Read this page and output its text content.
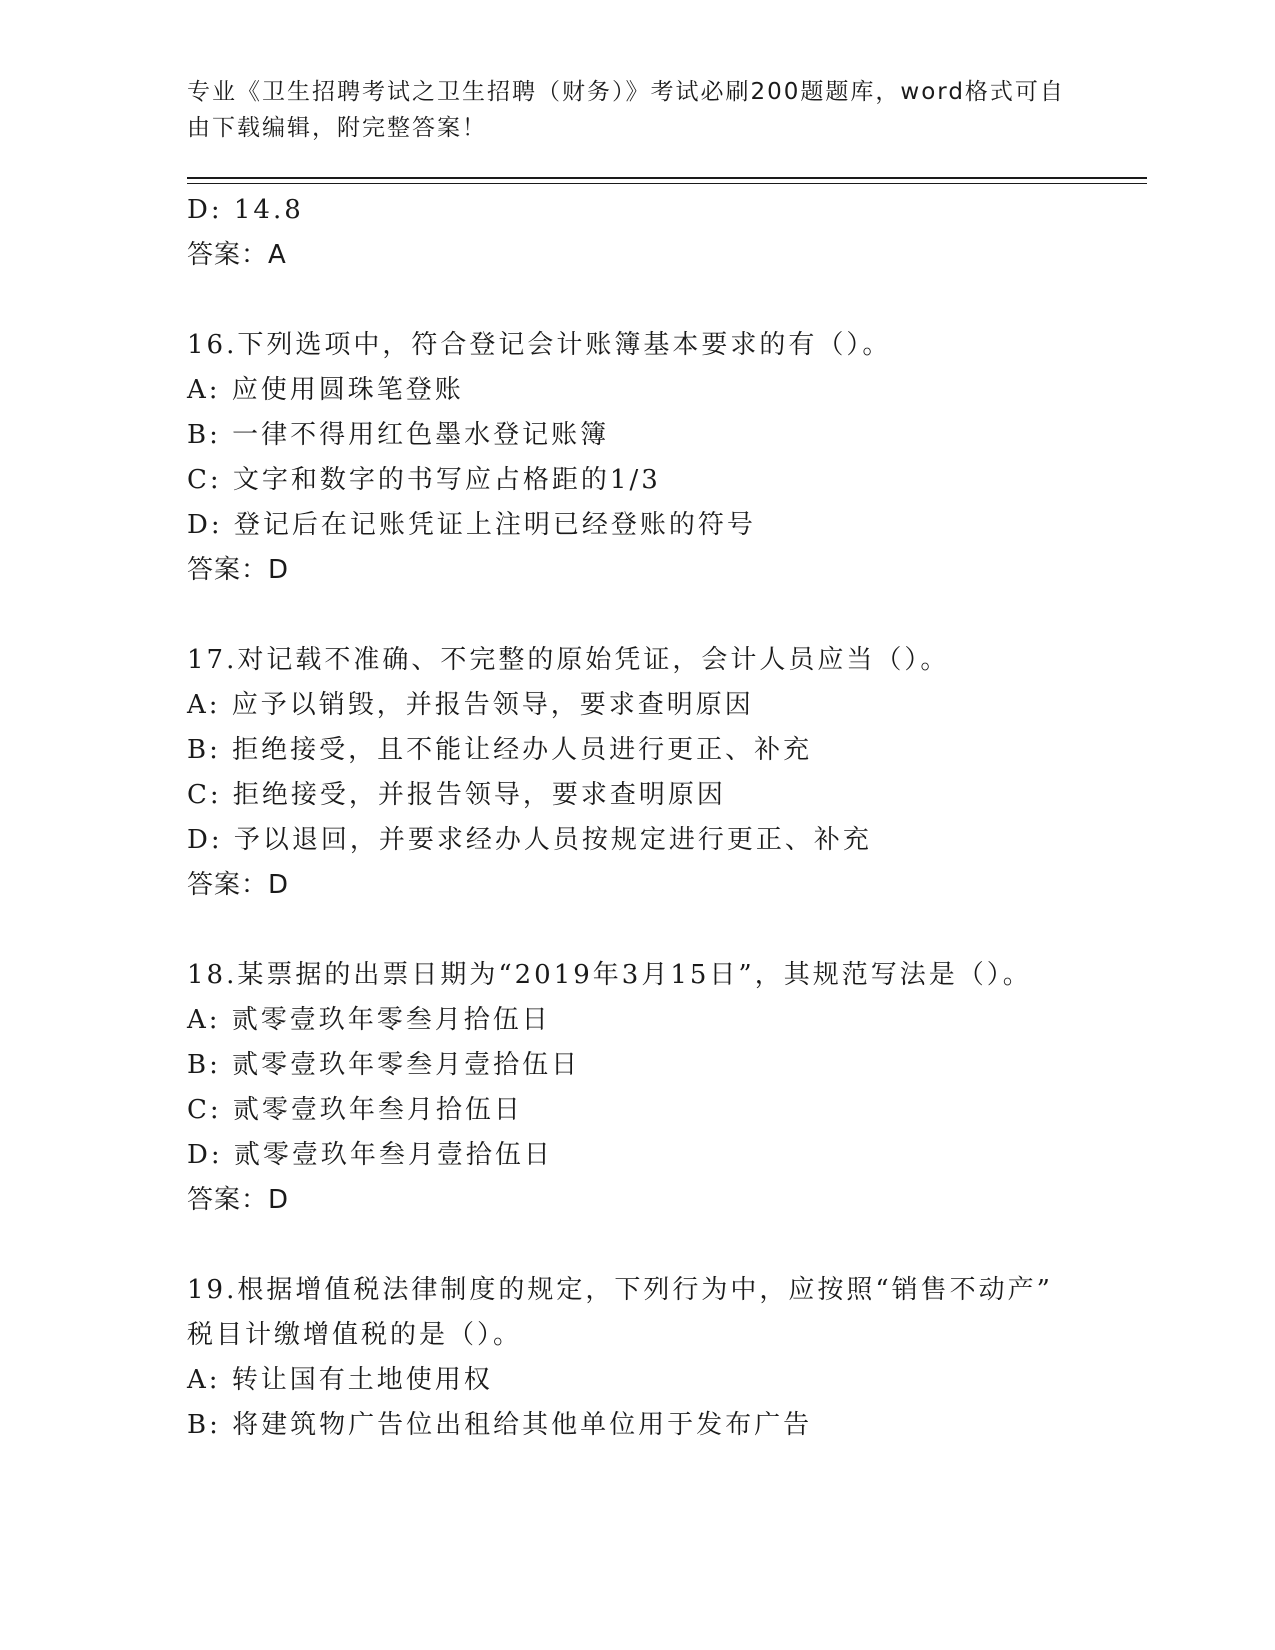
专业《卫生招聘考试之卫生招聘（财务）》考试必刷200题题库，word格式可自
由下载编辑，附完整答案！
D: 14.8
答案：A
16.下列选项中，符合登记会计账簿基本要求的有（）。
A: 应使用圆珠笔登账
B: 一律不得用红色墨水登记账簿
C: 文字和数字的书写应占格距的1/3
D: 登记后在记账凭证上注明已经登账的符号
答案：D
17.对记载不准确、不完整的原始凭证，会计人员应当（）。
A: 应予以销毁，并报告领导，要求查明原因
B: 拒绝接受，且不能让经办人员进行更正、补充
C: 拒绝接受，并报告领导，要求查明原因
D: 予以退回，并要求经办人员按规定进行更正、补充
答案：D
18.某票据的出票日期为“2019年3月15日”，其规范写法是（）。
A: 贰零壹玖年零叁月拾伍日
B: 贰零壹玖年零叁月壹拾伍日
C: 贰零壹玖年叁月拾伍日
D: 贰零壹玖年叁月壹拾伍日
答案：D
19.根据增值税法律制度的规定，下列行为中，应按照“销售不动产”
税目计缴增值税的是（）。
A: 转让国有土地使用权
B: 将建筑物广告位出租给其他单位用于发布广告
